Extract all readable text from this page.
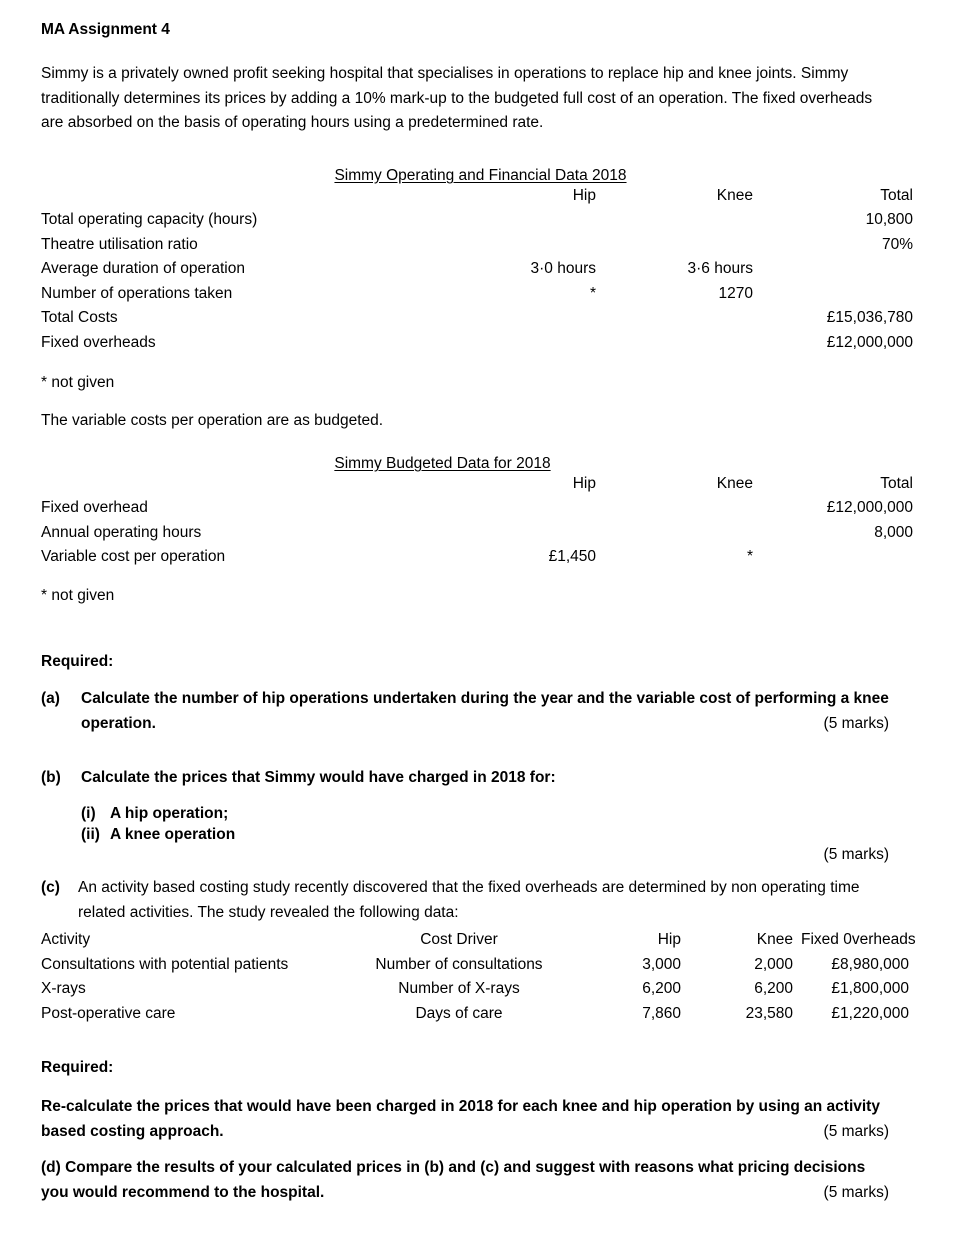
MA Assignment 4
Simmy is a privately owned profit seeking hospital that specialises in operations to replace hip and knee joints. Simmy traditionally determines its prices by adding a 10% mark-up to the budgeted full cost of an operation. The fixed overheads are absorbed on the basis of operating hours using a predetermined rate.
Simmy Operating and Financial Data 2018
	Hip	Knee	Total
Total operating capacity (hours)			10,800
Theatre utilisation ratio			70%
Average duration of operation	3·0 hours	3·6 hours	
Number of operations taken	*	1270	
Total Costs			£15,036,780
Fixed overheads			£12,000,000
* not given
The variable costs per operation are as budgeted.
Simmy Budgeted Data for 2018
	Hip	Knee	Total
Fixed overhead			£12,000,000
Annual operating hours			8,000
Variable cost per operation	£1,450	*	
* not given
Required:
(a)	Calculate the number of hip operations undertaken during the year and the variable cost of performing a knee operation.	(5 marks)
(b)	Calculate the prices that Simmy would have charged in 2018 for:
(i) A hip operation;
(ii) A knee operation
(5 marks)
(c)	An activity based costing study recently discovered that the fixed overheads are determined by non operating time related activities. The study revealed the following data:
Activity	Cost Driver	Hip	Knee	Fixed 0verheads
Consultations with potential patients	Number of consultations	3,000	2,000	£8,980,000
X-rays	Number of X-rays	6,200	6,200	£1,800,000
Post-operative care	Days of care	7,860	23,580	£1,220,000
Required:
Re-calculate the prices that would have been charged in 2018 for each knee and hip operation by using an activity based costing approach.	(5 marks)
(d) Compare the results of your calculated prices in (b) and (c) and suggest with reasons what pricing decisions you would recommend to the hospital.	(5 marks)
